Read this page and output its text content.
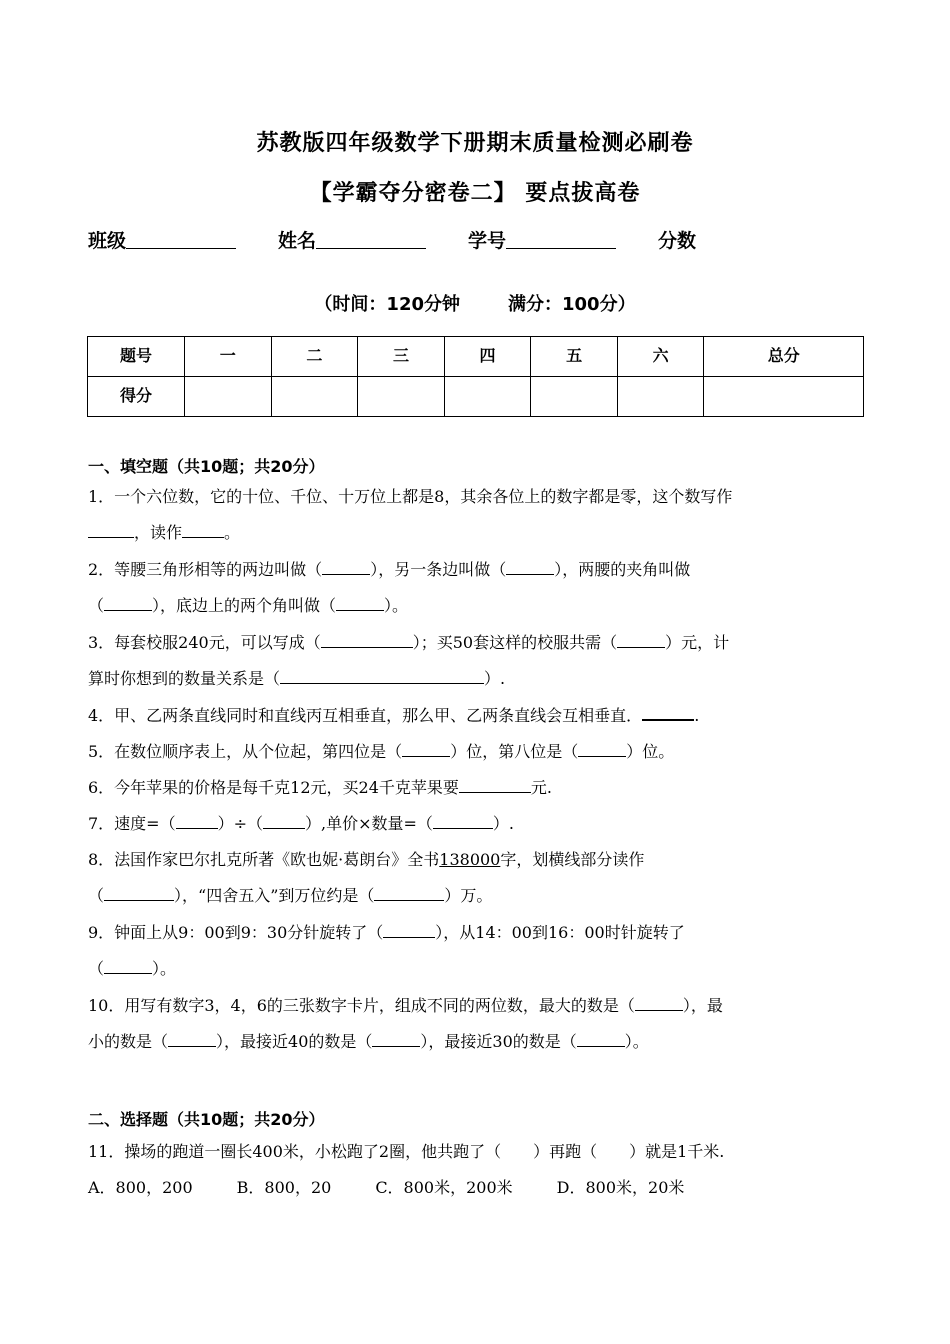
苏教版四年级数学下册期末质量检测必刷卷
【学霸夺分密卷二】 要点拔高卷
班级	姓名	学号	分数
（时间：120分钟	满分：100分）
题号	一	二	三	四	五	六	总分
得分							
一、填空题（共10题；共20分）
1．一个六位数，它的十位、千位、十万位上都是8，其余各位上的数字都是零，这个数写作
，读作	。
2．等腰三角形相等的两边叫做（	），另一条边叫做（	），两腰的夹角叫做
（	），底边上的两个角叫做（	）。
3．每套校服240元，可以写成（	）；买50套这样的校服共需（	）元，计
算时你想到的数量关系是（	）.
4．甲、乙两条直线同时和直线丙互相垂直，那么甲、乙两条直线会互相垂直．	.
5．在数位顺序表上，从个位起，第四位是（	）位，第八位是（	）位。
6．今年苹果的价格是每千克12元，买24千克苹果要	元.
7．速度=（	）÷（	）,单价×数量=（	）.
8．法国作家巴尔扎克所著《欧也妮·葛朗台》全书138000字，划横线部分读作
（	），“四舍五入”到万位约是（	）万。
9．钟面上从9：00到9：30分针旋转了（	），从14：00到16：00时针旋转了
（	）。
10．用写有数字3，4，6的三张数字卡片，组成不同的两位数，最大的数是（	），最
小的数是（	），最接近40的数是（	），最接近30的数是（	）。
二、选择题（共10题；共20分）
11．操场的跑道一圈长400米，小松跑了2圈，他共跑了（　　）再跑（　　）就是1千米.
A．800，200	B．800，20	C．800米，200米	D．800米，20米
